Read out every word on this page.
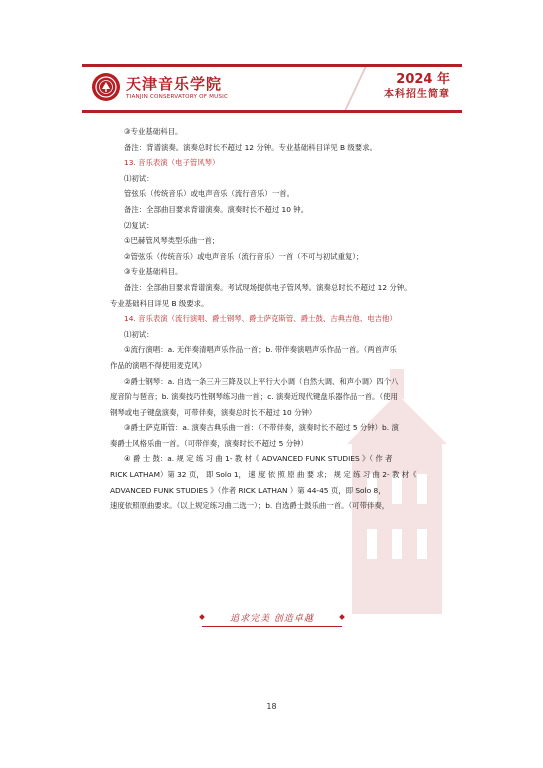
天津音乐学院
TIANJIN CONSERVATORY OF MUSIC
2024 年
本科招生简章

③专业基础科目。

备注：背谱演奏。演奏总时长不超过 12 分钟。专业基础科目详见 B 级要求。

13. 音乐表演（电子管风琴）

⑴初试：

管弦乐（传统音乐）或电声音乐（流行音乐）一首。

备注：全部曲目要求背谱演奏。演奏时长不超过 10 钟。

⑵复试：

①巴赫管风琴类型乐曲一首；

②管弦乐（传统音乐）或电声音乐（流行音乐）一首（不可与初试重复）；

③专业基础科目。

备注：全部曲目要求背谱演奏。考试现场提供电子管风琴。演奏总时长不超过 12 分钟。

专业基础科目详见 B 级要求。

14. 音乐表演（流行演唱、爵士钢琴、爵士萨克斯管、爵士鼓、古典吉他、电吉他）

⑴初试：

①流行演唱：a. 无伴奏清唱声乐作品一首；b. 带伴奏演唱声乐作品一首。（两首声乐

作品的演唱不得使用麦克风）

②爵士钢琴：a. 自选一条三升三降及以上平行大小调（自然大调、和声小调）四个八

度音阶与琶音；b. 演奏技巧性钢琴练习曲一首；c. 演奏近现代键盘乐器作品一首。（使用

钢琴或电子键盘演奏，可带伴奏，演奏总时长不超过 10 分钟）

③爵士萨克斯管：a. 演奏古典乐曲一首：（不带伴奏，演奏时长不超过 5 分钟）b. 演

奏爵士风格乐曲一首。（可带伴奏，演奏时长不超过 5 分钟）

④ 爵 士 鼓：a. 规 定 练 习 曲 1- 教 材《 ADVANCED FUNK STUDIES 》（ 作 者

RICK LATHAM）第 32 页， 即 Solo 1， 速 度 依 照 原 曲 要 求； 规 定 练 习 曲 2- 教 材《

ADVANCED FUNK STUDIES 》（作者 RICK LATHAN ）第 44-45 页，即 Solo 8，

速度依照原曲要求。（以上规定练习曲二选一）；b. 自选爵士鼓乐曲一首。（可带伴奏，

追求完美 创造卓越
18
